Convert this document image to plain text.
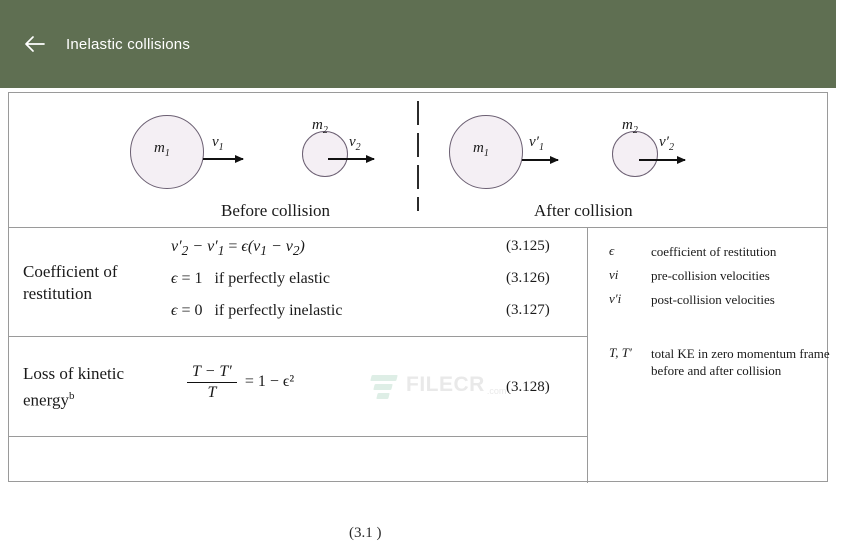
Inelastic collisions
$m_1$
$v_1$
$m_2$
$v_2$	$m_1$
$v'_1$
$m_2$
$v'_2$
Before collision	After collision
Coefficient of
restitution
$v'_2 - v'_1 = \epsilon(v_1 - v_2)$	(3.125)
ϵ = 1   if perfectly elastic	(3.126)
ϵ = 0   if perfectly inelastic	(3.127)
Loss of kinetic
energy$^b$	$\frac{T - T'}{T} = 1 - \epsilon^2$	(3.128)
(3.1 )
ϵ	coefficient of restitution
vi	pre-collision velocities
v′i post-collision velocities
T, T′ total KE in zero momentum frame before and after collision
FILECR .com
